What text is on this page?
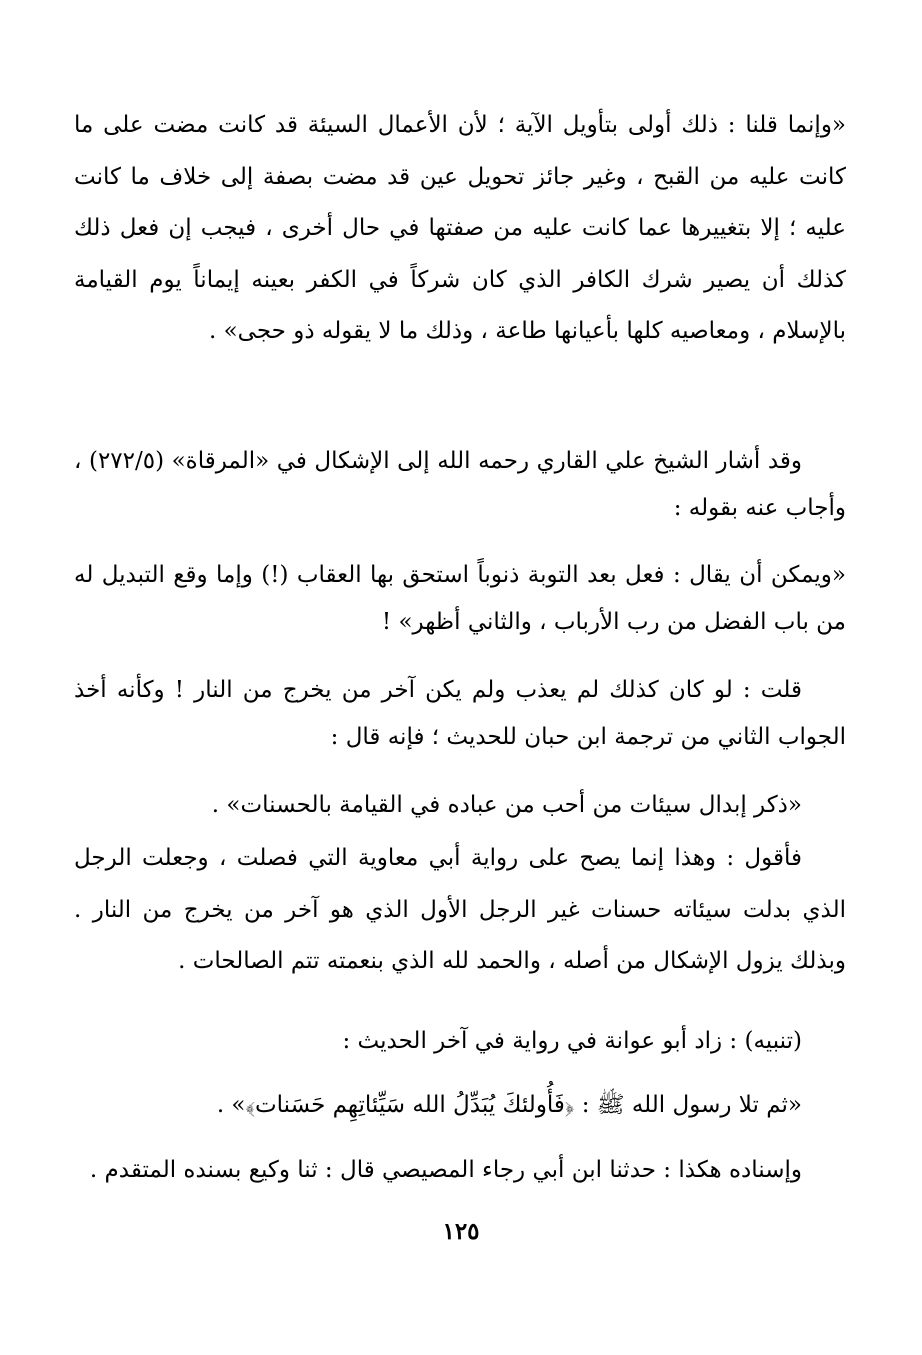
«وإنما قلنا : ذلك أولى بتأويل الآية ؛ لأن الأعمال السيئة قد كانت مضت على ما كانت عليه من القبح ، وغير جائز تحويل عين قد مضت بصفة إلى خلاف ما كانت عليه ؛ إلا بتغييرها عما كانت عليه من صفتها في حال أخرى ، فيجب إن فعل ذلك كذلك أن يصير شرك الكافر الذي كان شركاً في الكفر بعينه إيماناً يوم القيامة بالإسلام ، ومعاصيه كلها بأعيانها طاعة ، وذلك ما لا يقوله ذو حجى» .

وقد أشار الشيخ علي القاري رحمه الله إلى الإشكال في «المرقاة» (٢٧٢/٥) ، وأجاب عنه بقوله :

«ويمكن أن يقال : فعل بعد التوبة ذنوباً استحق بها العقاب (!) وإما وقع التبديل له من باب الفضل من رب الأرباب ، والثاني أظهر» !

قلت : لو كان كذلك لم يعذب ولم يكن آخر من يخرج من النار ! وكأنه أخذ الجواب الثاني من ترجمة ابن حبان للحديث ؛ فإنه قال :

«ذكر إبدال سيئات من أحب من عباده في القيامة بالحسنات» .

فأقول : وهذا إنما يصح على رواية أبي معاوية التي فصلت ، وجعلت الرجل الذي بدلت سيئاته حسنات غير الرجل الأول الذي هو آخر من يخرج من النار . وبذلك يزول الإشكال من أصله ، والحمد لله الذي بنعمته تتم الصالحات .

(تنبيه) : زاد أبو عوانة في رواية في آخر الحديث :

«ثم تلا رسول الله ﷺ : ﴿فَأُولئكَ يُبَدِّلُ الله سَيِّئاتِهِم حَسَنات﴾» .

وإسناده هكذا : حدثنا ابن أبي رجاء المصيصي قال : ثنا وكيع بسنده المتقدم .

١٢٥
